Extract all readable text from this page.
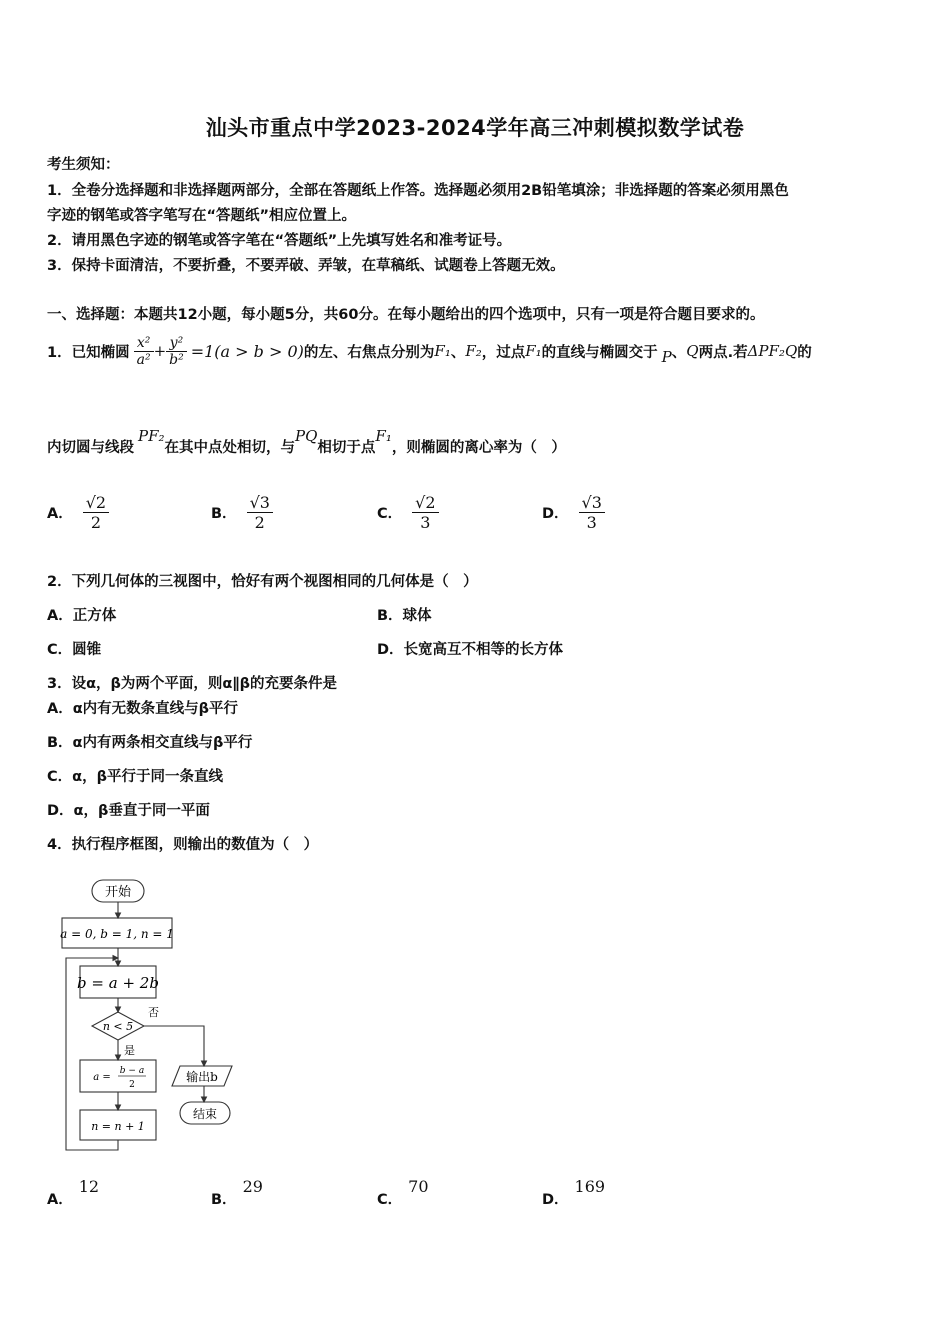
汕头市重点中学2023-2024学年高三冲刺模拟数学试卷
考生须知：
1．全卷分选择题和非选择题两部分，全部在答题纸上作答。选择题必须用2B铅笔填涂；非选择题的答案必须用黑色
字迹的钢笔或答字笔写在“答题纸”相应位置上。
2．请用黑色字迹的钢笔或答字笔在“答题纸”上先填写姓名和准考证号。
3．保持卡面清洁，不要折叠，不要弄破、弄皱，在草稿纸、试题卷上答题无效。
一、选择题：本题共12小题，每小题5分，共60分。在每小题给出的四个选项中，只有一项是符合题目要求的。
1．已知椭圆 $\frac{\text{x²}}{\text{a²}} + \frac{\text{y²}}{\text{b²}} =1(a > b > 0)$ 的左、右焦点分别为 F₁ 、 F₂ ，过点 F₁ 的直线与椭圆交于 P 、 Q 两点.若 ΔPF₂Q 的
内切圆与线段
PF₂
在其中点处相切，与
PQ
相切于点
F₁
，则椭圆的离心率为（　）
A． $\frac{√2}{2}$	B． $\frac{√3}{2}$	C． $\frac{√2}{3}$	D． $\frac{√3}{3}$
2．下列几何体的三视图中，恰好有两个视图相同的几何体是（　）
A．正方体	B．球体
C．圆锥	D．长宽高互不相等的长方体
3．设α，β为两个平面，则α∥β的充要条件是
A．α内有无数条直线与β平行
B．α内有两条相交直线与β平行
C．α，β平行于同一条直线
D．α，β垂直于同一平面
4．执行程序框图，则输出的数值为（　）
开始
a = 0, b = 1, n = 1
b = a + 2b
n < 5
否
是
a =
b − a
2
n = n + 1
输出b
结束
A．12
B．29
C．70
D．169
